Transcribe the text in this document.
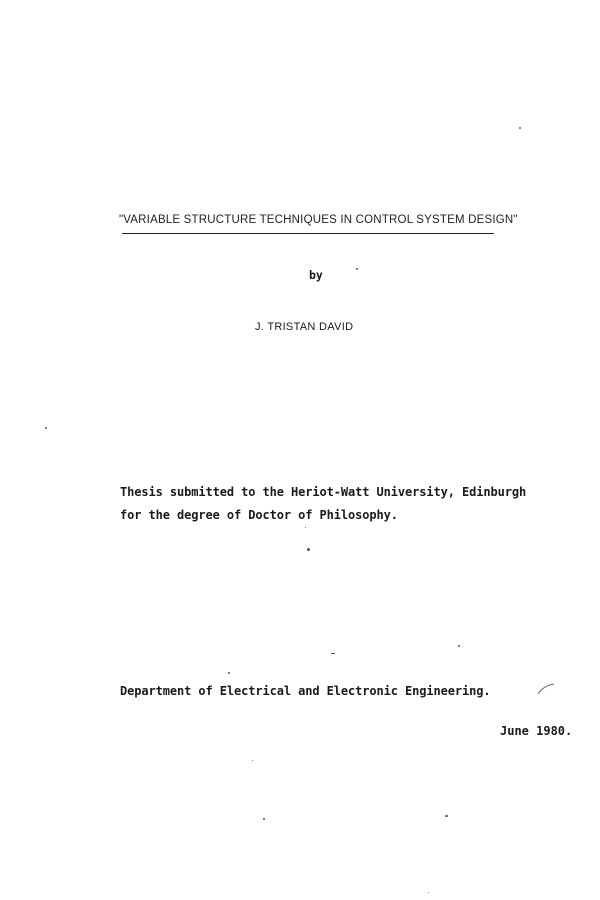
"VARIABLE STRUCTURE TECHNIQUES IN CONTROL SYSTEM DESIGN"

by

J. TRISTAN DAVID

Thesis submitted to the Heriot-Watt University, Edinburgh

for the degree of Doctor of Philosophy.

Department of Electrical and Electronic Engineering.

June 1980.
